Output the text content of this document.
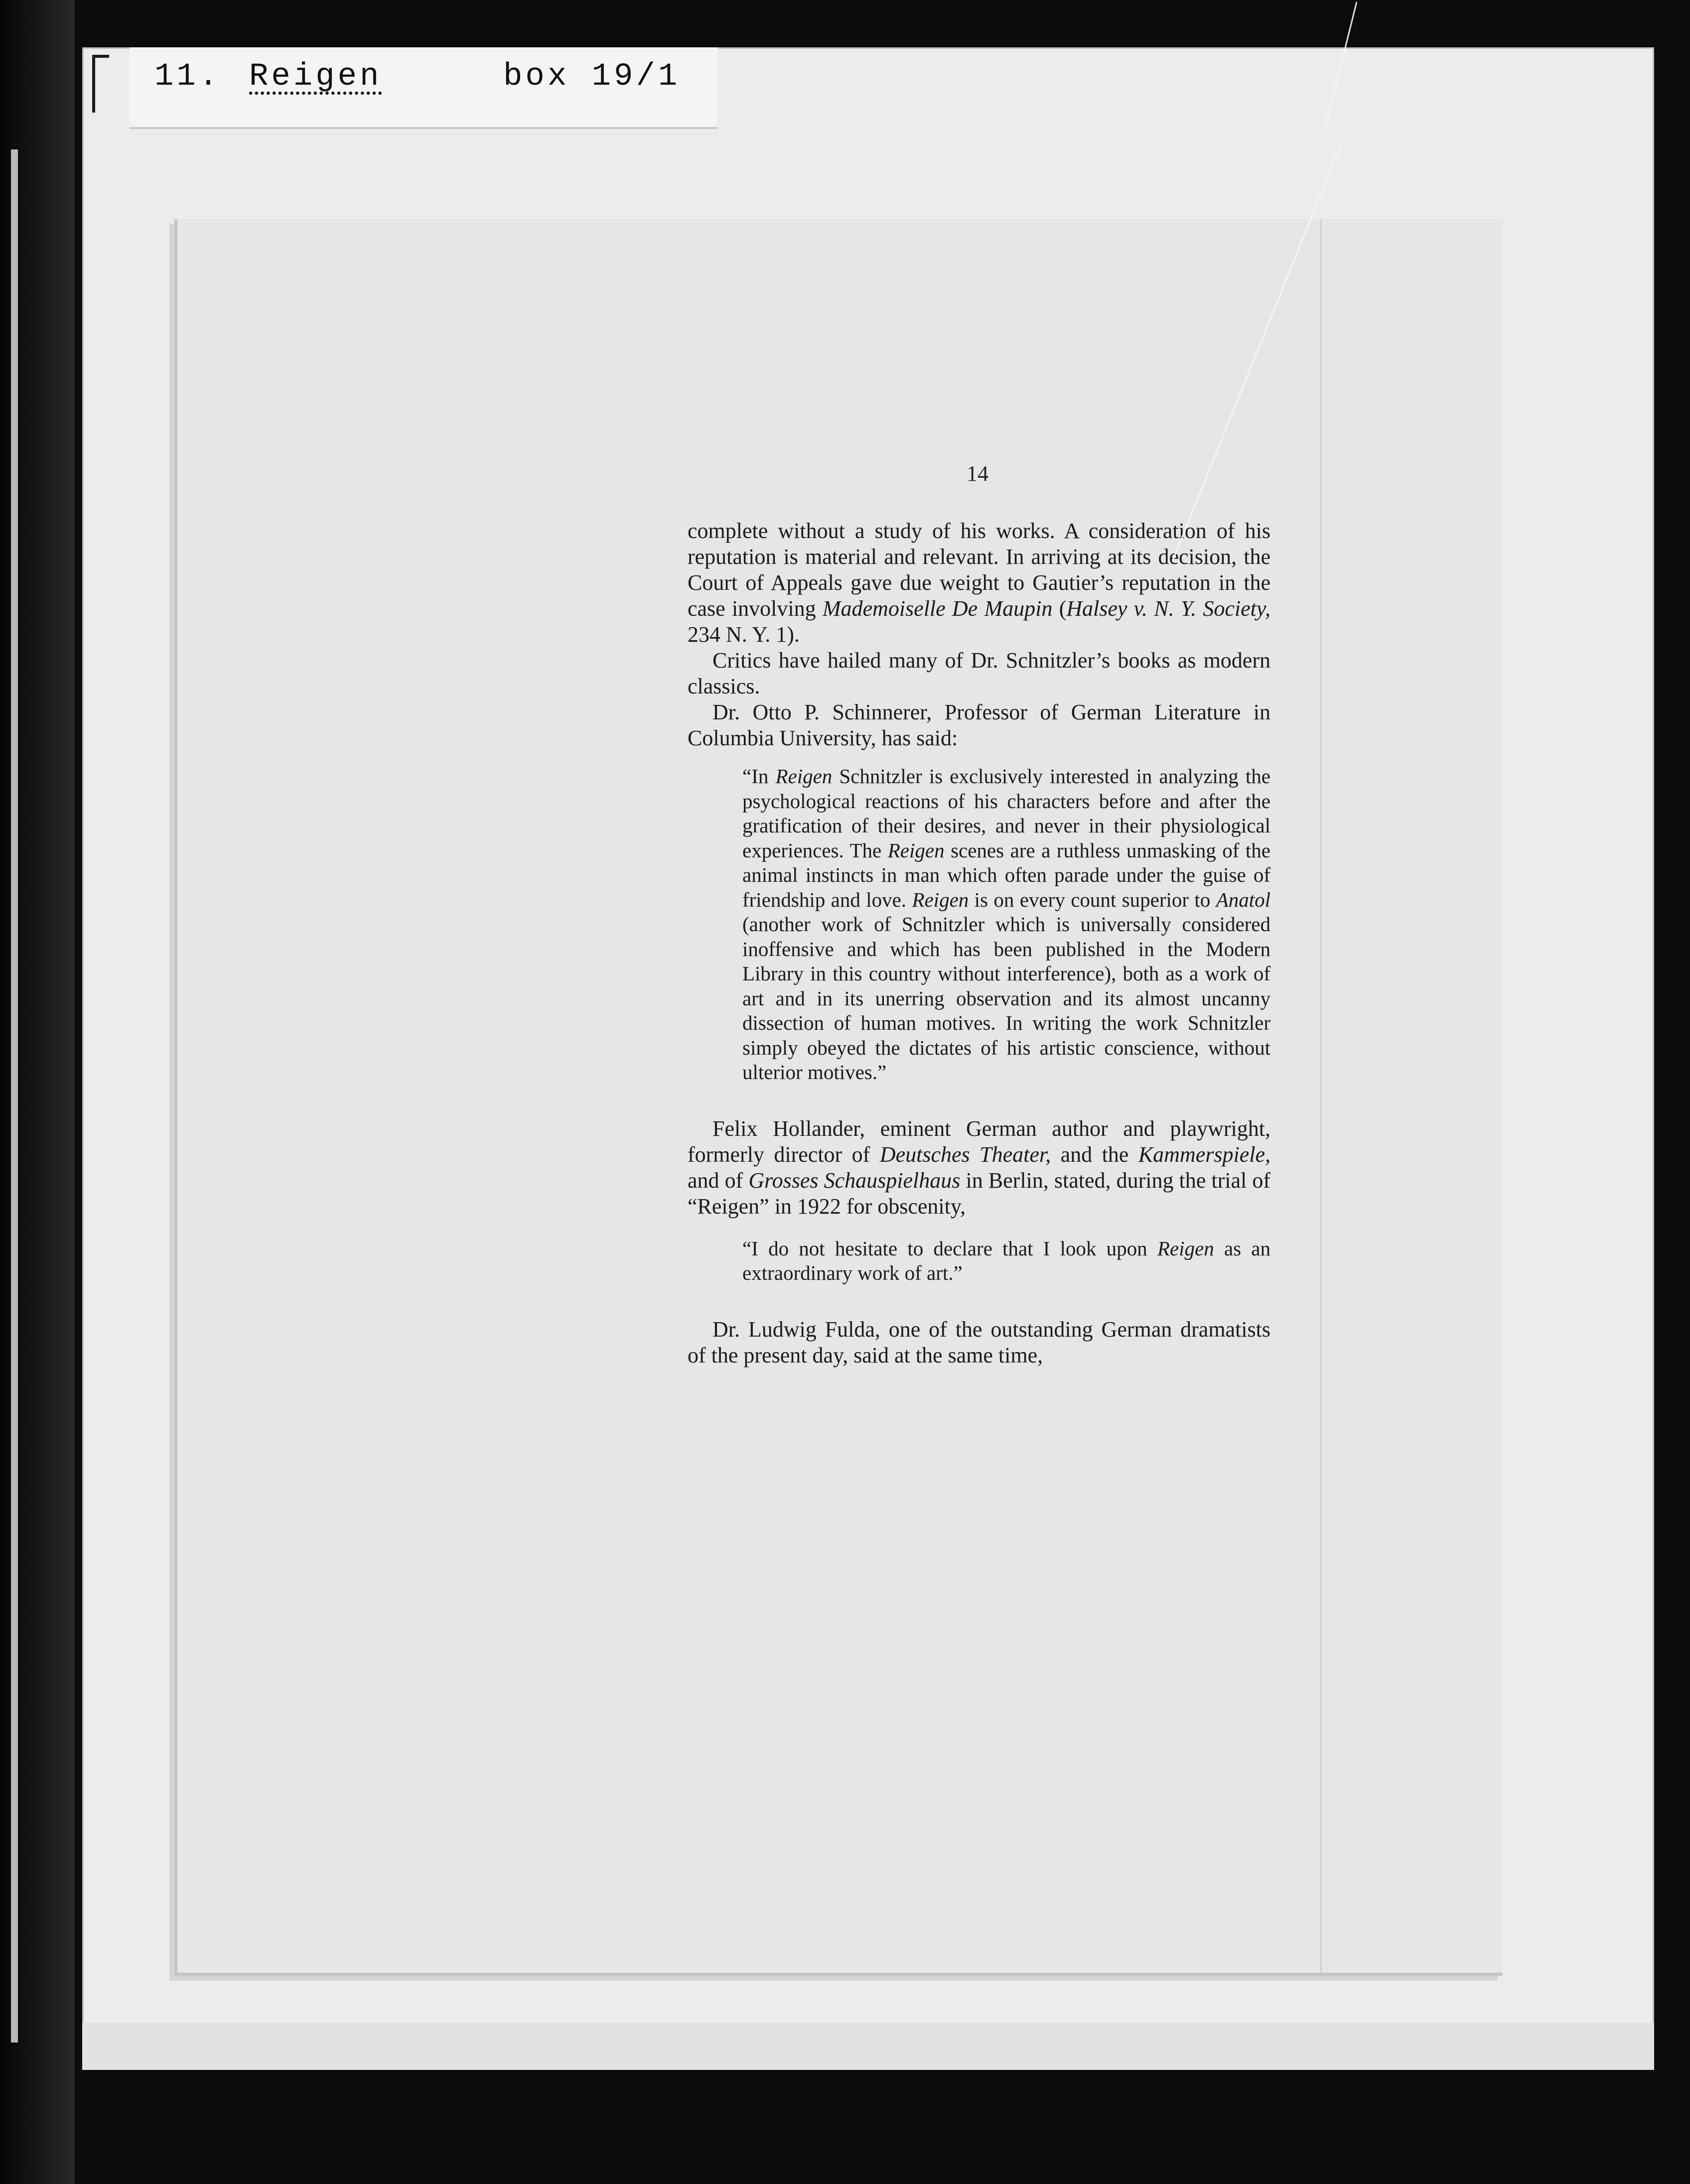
11. Reigen	box 19/1
14

complete without a study of his works. A consideration of his reputation is material and relevant. In arriving at its decision, the Court of Appeals gave due weight to Gautier’s reputation in the case involving Mademoiselle De Maupin (Halsey v. N. Y. Society, 234 N. Y. 1).

Critics have hailed many of Dr. Schnitzler’s books as modern classics.

Dr. Otto P. Schinnerer, Professor of German Literature in Columbia University, has said:

“In Reigen Schnitzler is exclusively interested in analyzing the psychological reactions of his characters before and after the gratification of their desires, and never in their physiological experiences. The Reigen scenes are a ruthless unmasking of the animal instincts in man which often parade under the guise of friendship and love. Reigen is on every count superior to Anatol (another work of Schnitzler which is universally considered inoffensive and which has been published in the Modern Library in this country without interference), both as a work of art and in its unerring observation and its almost uncanny dissection of human motives. In writing the work Schnitzler simply obeyed the dictates of his artistic conscience, without ulterior motives.”

Felix Hollander, eminent German author and playwright, formerly director of Deutsches Theater, and the Kammerspiele, and of Grosses Schauspielhaus in Berlin, stated, during the trial of “Reigen” in 1922 for obscenity,

“I do not hesitate to declare that I look upon Reigen as an extraordinary work of art.”

Dr. Ludwig Fulda, one of the outstanding German dramatists of the present day, said at the same time,
